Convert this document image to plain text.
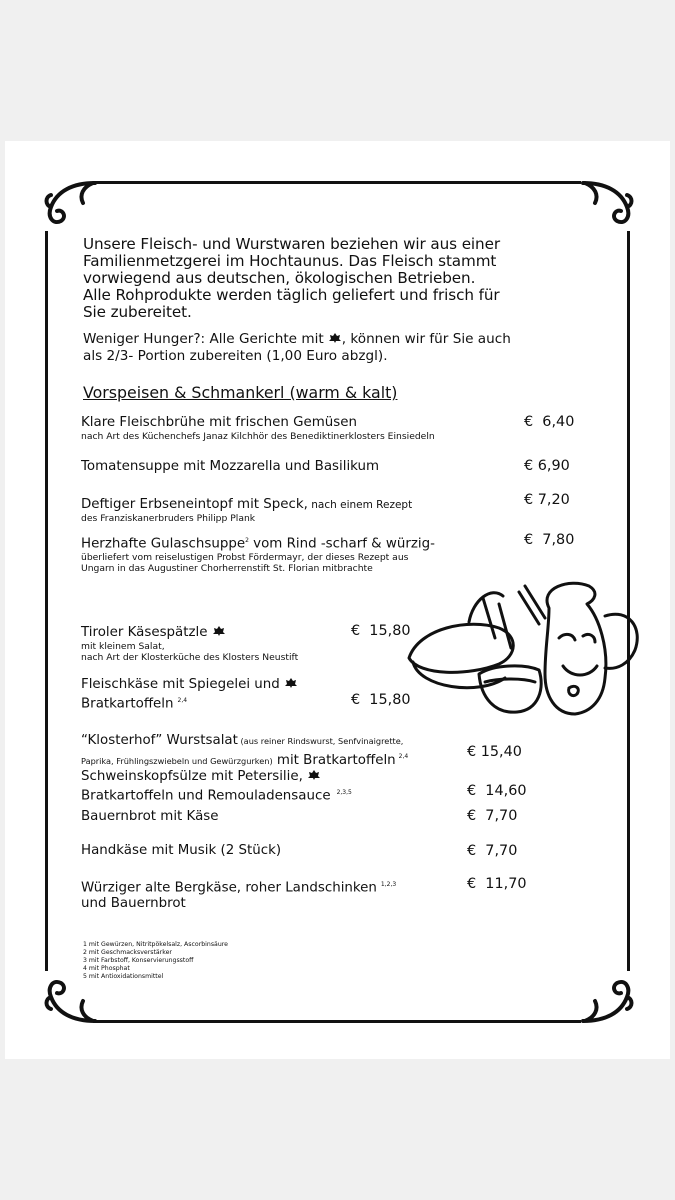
Unsere Fleisch- und Wurstwaren beziehen wir aus einer
Familienmetzgerei im Hochtaunus. Das Fleisch stammt
vorwiegend aus deutschen, ökologischen Betrieben.
Alle Rohprodukte werden täglich geliefert und frisch für
Sie zubereitet.
Weniger Hunger?: Alle Gerichte mit , können wir für Sie auch
als 2/3- Portion zubereiten (1,00 Euro abzgl).
Vorspeisen & Schmankerl (warm & kalt)
Klare Fleischbrühe mit frischen Gemüsen
nach Art des Küchenchefs Janaz Kilchhör des Benediktinerklosters Einsiedeln
€  6,40
Tomatensuppe mit Mozzarella und Basilikum	€ 6,90
Deftiger Erbseneintopf mit Speck, nach einem Rezept
des Franziskanerbruders Philipp Plank
€ 7,20
Herzhafte Gulaschsuppe$^2$ vom Rind -scharf & würzig-
überliefert vom reiselustigen Probst Fördermayr, der dieses Rezept aus
Ungarn in das Augustiner Chorherrenstift St. Florian mitbrachte
€  7,80
Tiroler Käsespätzle
mit kleinem Salat,
nach Art der Klosterküche des Klosters Neustift
€  15,80
Fleischkäse mit Spiegelei und
Bratkartoffeln $^{2,4}$	€  15,80
“Klosterhof” Wurstsalat (aus reiner Rindswurst, Senfvinaigrette,
Paprika, Frühlingszwiebeln und Gewürzgurken) mit Bratkartoffeln $^{2,4}$	€ 15,40
Schweinskopfsülze mit Petersilie,
Bratkartoffeln und Remouladensauce $^{2,3,5}$	€  14,60
Bauernbrot mit Käse	€  7,70
Handkäse mit Musik (2 Stück)	€  7,70
Würziger alte Bergkäse, roher Landschinken $^{1,2,3}$
und Bauernbrot
€  11,70
1 mit Gewürzen, Nitritpökelsalz, Ascorbinsäure
2 mit Geschmacksverstärker
3 mit Farbstoff, Konservierungsstoff
4 mit Phosphat
5 mit Antioxidationsmittel
